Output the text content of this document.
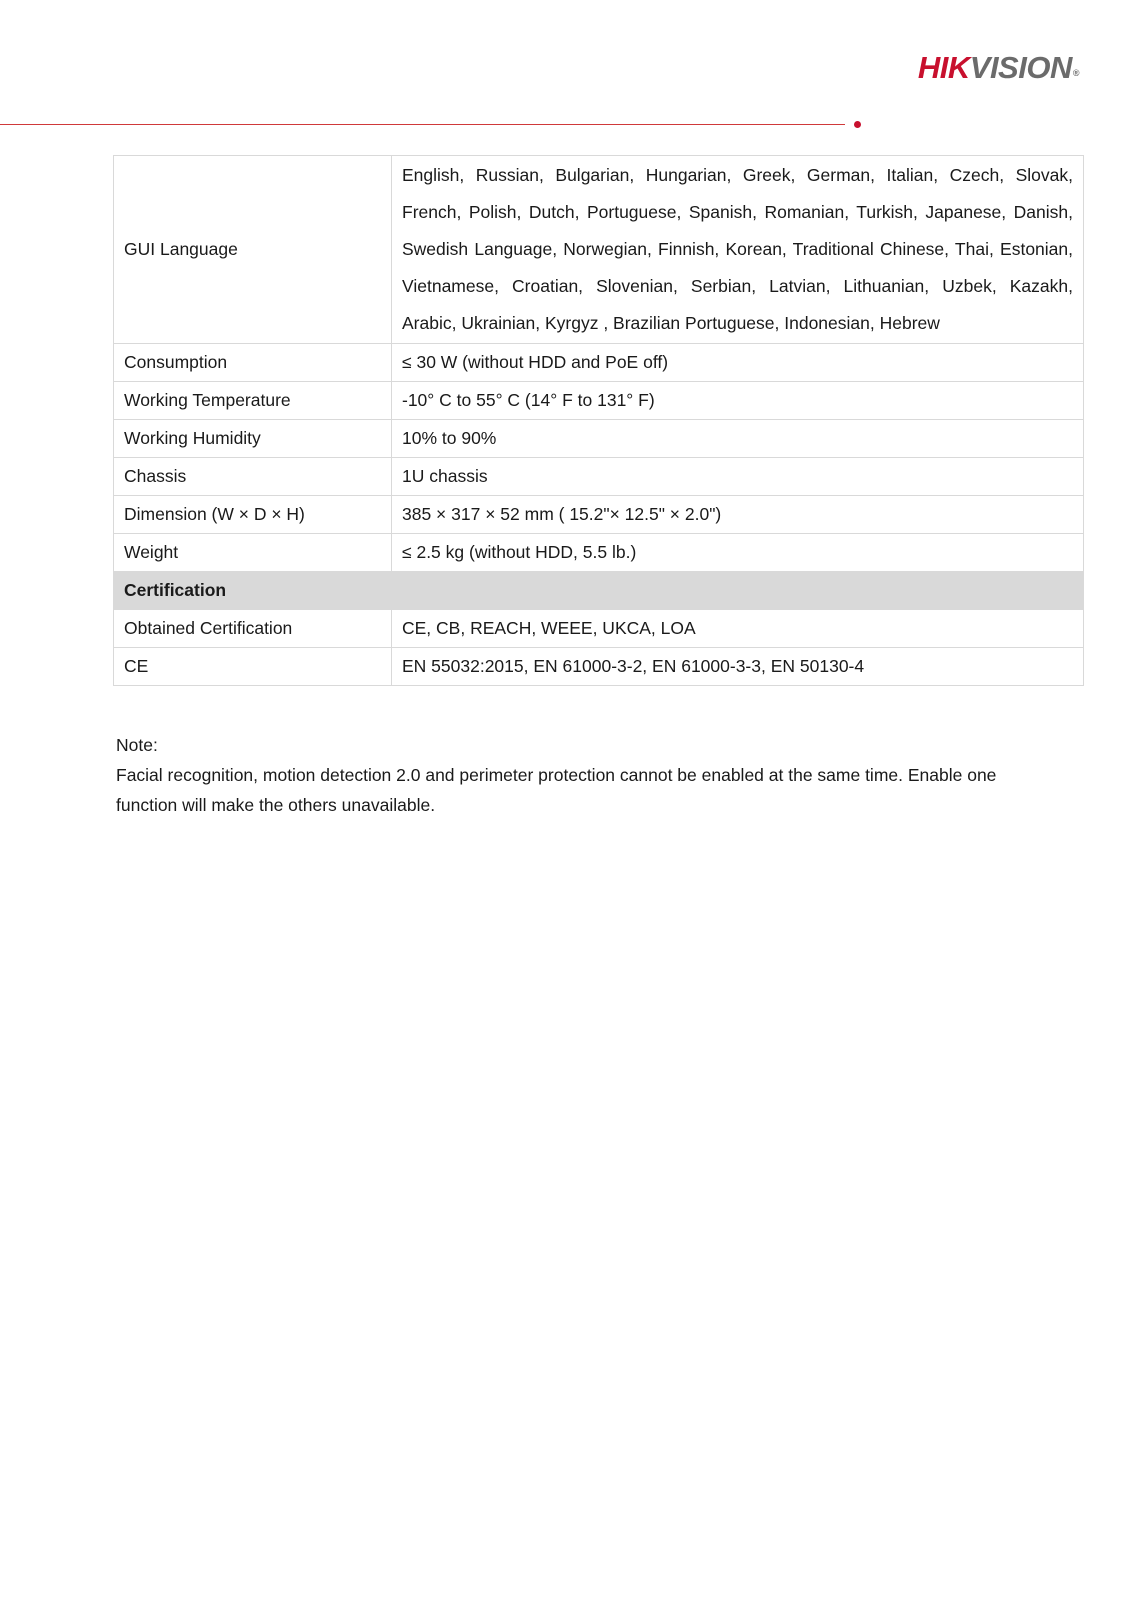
HIK VISION ®
GUI Language	English, Russian, Bulgarian, Hungarian, Greek, German, Italian, Czech, Slovak, French, Polish, Dutch, Portuguese, Spanish, Romanian, Turkish, Japanese, Danish, Swedish Language, Norwegian, Finnish, Korean, Traditional Chinese, Thai, Estonian, Vietnamese, Croatian, Slovenian, Serbian, Latvian, Lithuanian, Uzbek, Kazakh, Arabic, Ukrainian, Kyrgyz , Brazilian Portuguese, Indonesian, Hebrew
Consumption	≤ 30 W (without HDD and PoE off)
Working Temperature	-10° C to 55° C (14° F to 131° F)
Working Humidity	10% to 90%
Chassis	1U chassis
Dimension (W × D × H)	385 × 317 × 52 mm ( 15.2"× 12.5" × 2.0")
Weight	≤ 2.5 kg (without HDD, 5.5 lb.)
Certification	
Obtained Certification	CE, CB, REACH, WEEE, UKCA, LOA
CE	EN 55032:2015, EN 61000-3-2, EN 61000-3-3, EN 50130-4

Note:

Facial recognition, motion detection 2.0 and perimeter protection cannot be enabled at the same time. Enable one function will make the others unavailable.
